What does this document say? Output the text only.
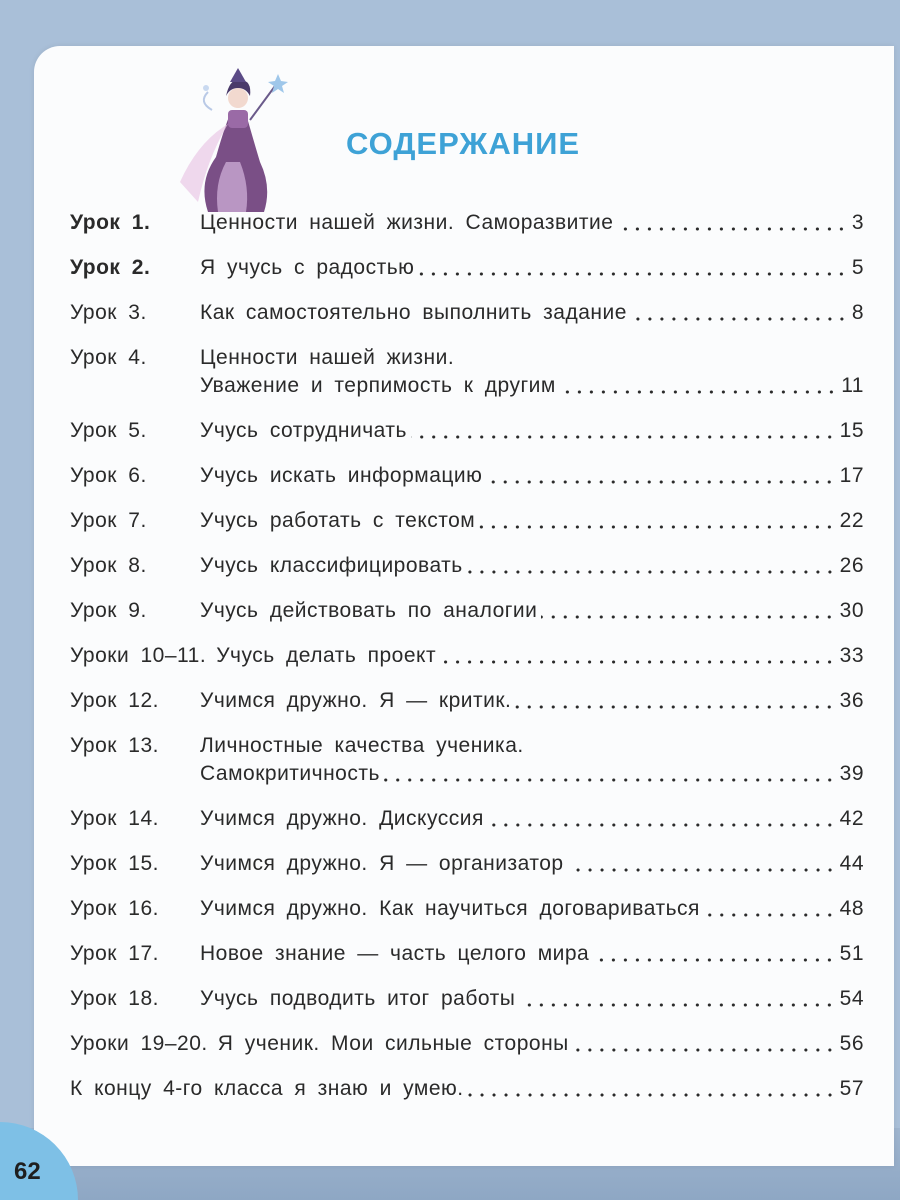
СОДЕРЖАНИЕ
Урок 1.	Ценности нашей жизни. Саморазвитие	3
Урок 2.	Я учусь с радостью	5
Урок 3.	Как самостоятельно выполнить задание	8
Урок 4.	Ценности нашей жизни.
Уважение и терпимость к другим	11
Урок 5.	Учусь сотрудничать	15
Урок 6.	Учусь искать информацию	17
Урок 7.	Учусь работать с текстом	22
Урок 8.	Учусь классифицировать	26
Урок 9.	Учусь действовать по аналогии	30
Уроки 10–11. Учусь делать проект	33
Урок 12.	Учимся дружно. Я — критик.	36
Урок 13.	Личностные качества ученика.
Самокритичность	39
Урок 14.	Учимся дружно. Дискуссия	42
Урок 15.	Учимся дружно. Я — организатор	44
Урок 16.	Учимся дружно. Как научиться договариваться	48
Урок 17.	Новое знание — часть целого мира	51
Урок 18.	Учусь подводить итог работы	54
Уроки 19–20. Я ученик. Мои сильные стороны	56
К концу 4-го класса я знаю и умею.	57
62
